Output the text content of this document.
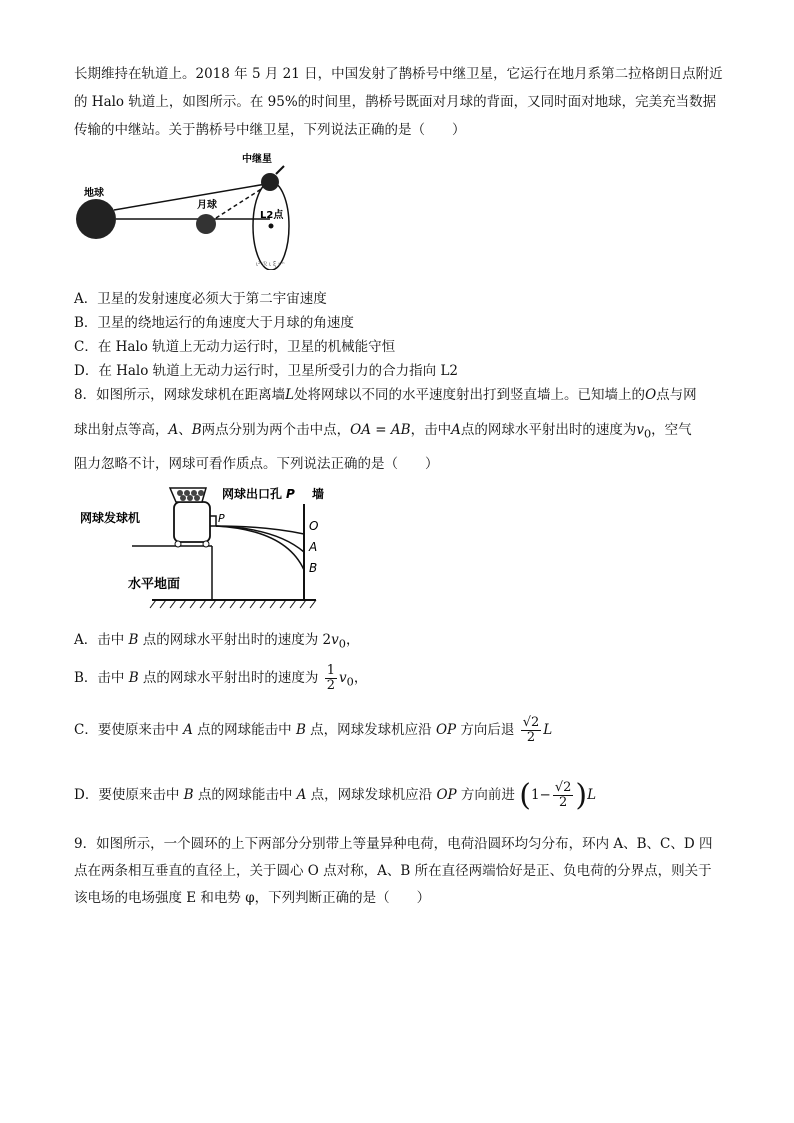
长期维持在轨道上。2018 年 5 月 21 日，中国发射了鹊桥号中继卫星，它运行在地月系第二拉格朗日点附近
的 Halo 轨道上，如图所示。在 95%的时间里，鹊桥号既面对月球的背面，又同时面对地球，完美充当数据
传输的中继站。关于鹊桥号中继卫星，下列说法正确的是（　　）
地球
月球
L2点
中继星
ι² ℛ ι ξ ι ⁿ
A．卫星的发射速度必须大于第二宇宙速度
B．卫星的绕地运行的角速度大于月球的角速度
C．在 Halo 轨道上无动力运行时，卫星的机械能守恒
D．在 Halo 轨道上无动力运行时，卫星所受引力的合力指向 L2
8．如图所示，网球发球机在距离墙L处将网球以不同的水平速度射出打到竖直墙上。已知墙上的O点与网
球出射点等高，A、B两点分别为两个击中点，OA = AB，击中A点的网球水平射出时的速度为$v_0$，空气
阻力忽略不计，网球可看作质点。下列说法正确的是（　　）
P
O
A
B
网球发球机
网球出口孔 P 墙
水平地面
A．击中 B 点的网球水平射出时的速度为 $2v_0$，
B．击中 B 点的网球水平射出时的速度为 $\frac{1}{2} v_0$，
C．要使原来击中 A 点的网球能击中 B 点，网球发球机应沿 OP 方向后退 $\frac{√2}{2}$ L
D．要使原来击中 B 点的网球能击中 A 点，网球发球机应沿 OP 方向前进 $(1- \frac{√2}{2} )L$
9．如图所示，一个圆环的上下两部分分别带上等量异种电荷，电荷沿圆环均匀分布，环内 A、B、C、D 四
点在两条相互垂直的直径上，关于圆心 O 点对称，A、B 所在直径两端恰好是正、负电荷的分界点，则关于
该电场的电场强度 E 和电势 φ，下列判断正确的是（　　）
